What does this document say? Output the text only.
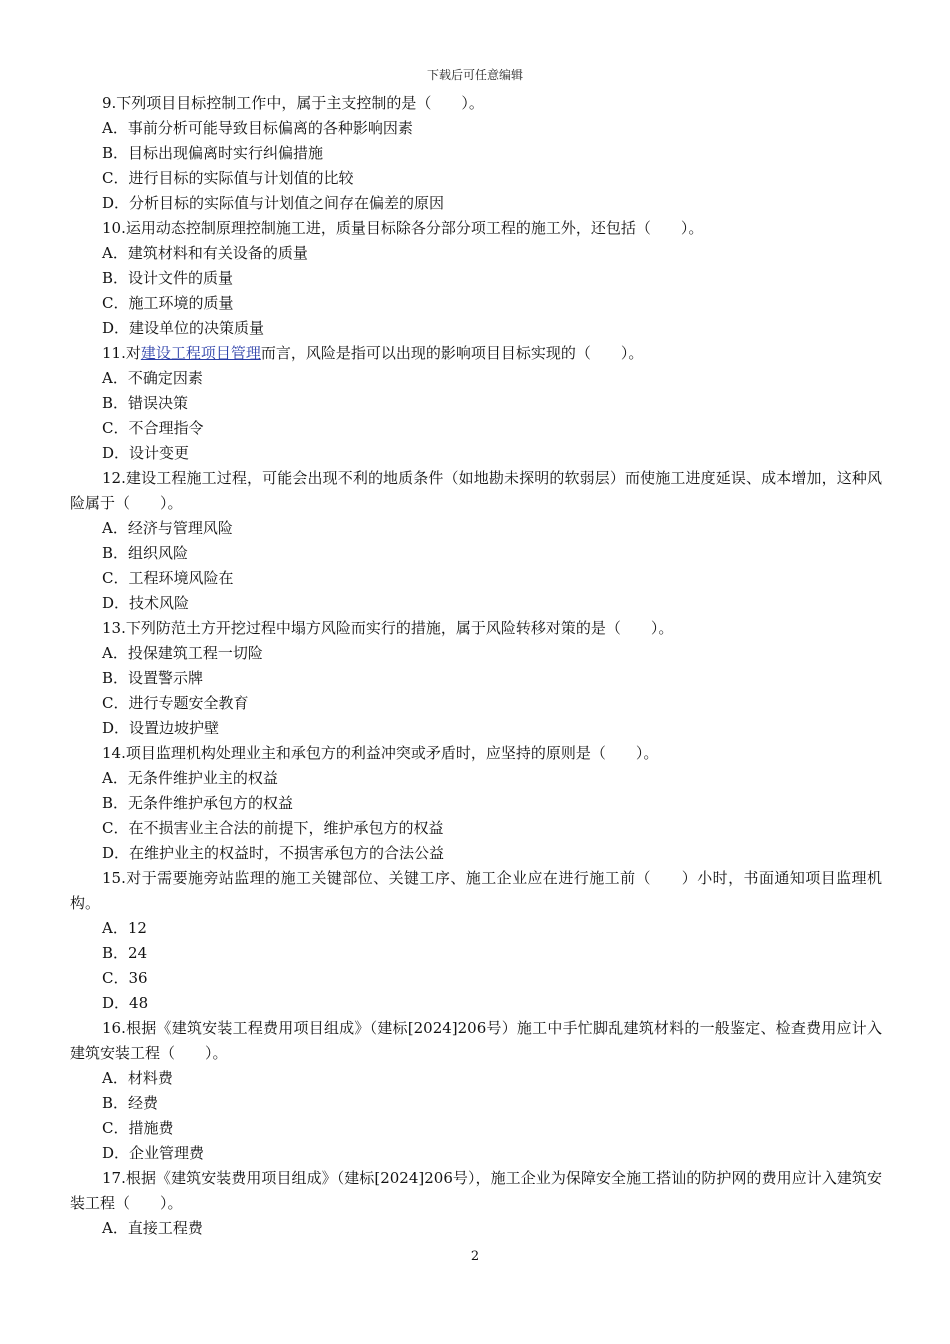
下载后可任意编辑

9.下列项目目标控制工作中，属于主支控制的是（　　）。

A．事前分析可能导致目标偏离的各种影响因素

B．目标出现偏离时实行纠偏措施

C．进行目标的实际值与计划值的比较

D．分析目标的实际值与计划值之间存在偏差的原因

10.运用动态控制原理控制施工进，质量目标除各分部分项工程的施工外，还包括（　　）。

A．建筑材料和有关设备的质量

B．设计文件的质量

C．施工环境的质量

D．建设单位的决策质量

11.对建设工程项目管理而言，风险是指可以出现的影响项目目标实现的（　　）。

A．不确定因素

B．错误决策

C．不合理指令

D．设计变更

12.建设工程施工过程，可能会出现不利的地质条件（如地勘未探明的软弱层）而使施工进度延误、成本增加，这种风险属于（　　）。

A．经济与管理风险

B．组织风险

C．工程环境风险在

D．技术风险

13.下列防范土方开挖过程中塌方风险而实行的措施，属于风险转移对策的是（　　）。

A．投保建筑工程一切险

B．设置警示牌

C．进行专题安全教育

D．设置边坡护壁

14.项目监理机构处理业主和承包方的利益冲突或矛盾时，应坚持的原则是（　　）。

A．无条件维护业主的权益

B．无条件维护承包方的权益

C．在不损害业主合法的前提下，维护承包方的权益

D．在维护业主的权益时，不损害承包方的合法公益

15.对于需要施旁站监理的施工关键部位、关键工序、施工企业应在进行施工前（　　）小时，书面通知项目监理机构。

A．12

B．24

C．36

D．48

16.根据《建筑安装工程费用项目组成》（建标[2024]206号）施工中手忙脚乱建筑材料的一般鉴定、检查费用应计入建筑安装工程（　　）。

A．材料费

B．经费

C．措施费

D．企业管理费

17.根据《建筑安装费用项目组成》（建标[2024]206号），施工企业为保障安全施工搭讪的防护网的费用应计入建筑安装工程（　　）。

A．直接工程费

2
